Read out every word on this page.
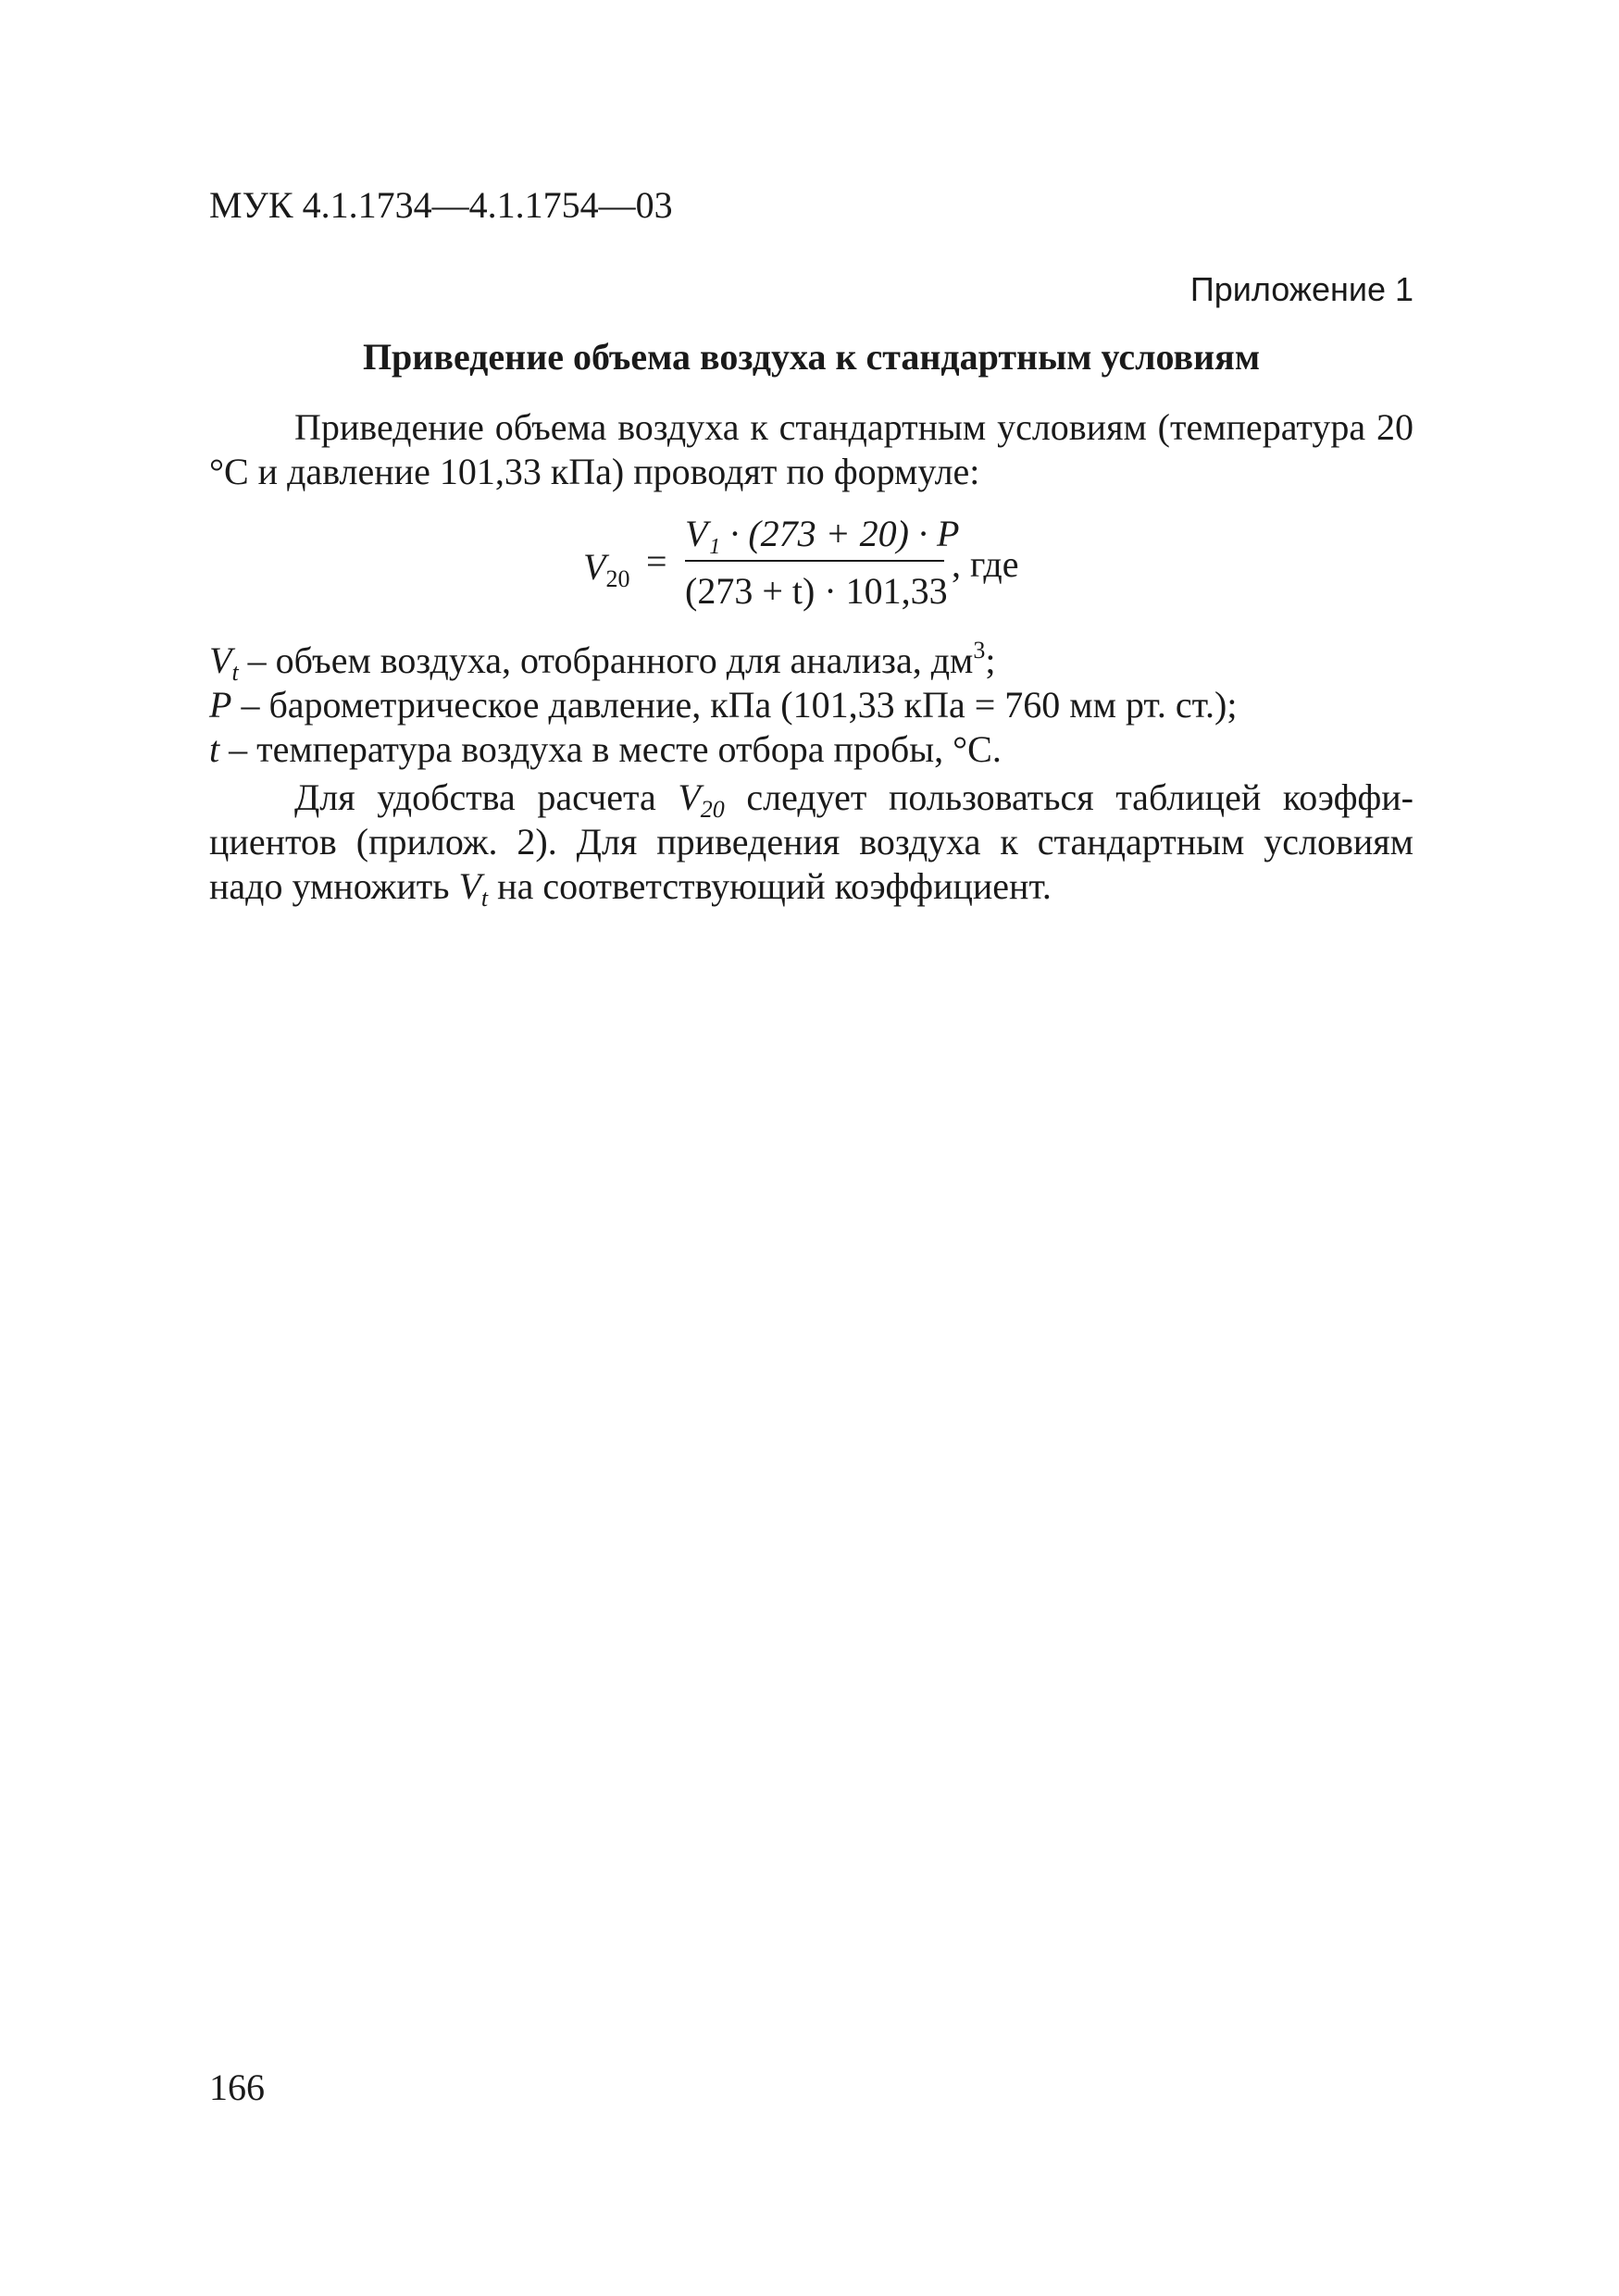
МУК 4.1.1734—4.1.1754—03
Приложение 1
Приведение объема воздуха к стандартным условиям
Приведение объема воздуха к стандартным условиям (температура 20 °С и давление 101,33 кПа) проводят по формуле:
$V_{20}$ =
V₁ · (273 + 20) · P
(273 + t) · 101,33
, где
$V_t$ – объем воздуха, отобранного для анализа, $дм^3$;
P – барометрическое давление, кПа (101,33 кПа = 760 мм рт. ст.);
t – температура воздуха в месте отбора пробы, °С.
Для удобства расчета $V_{20}$ следует пользоваться таблицей коэффи-циентов (прилож. 2). Для приведения воздуха к стандартным условиям надо умножить $V_t$ на соответствующий коэффициент.
166
